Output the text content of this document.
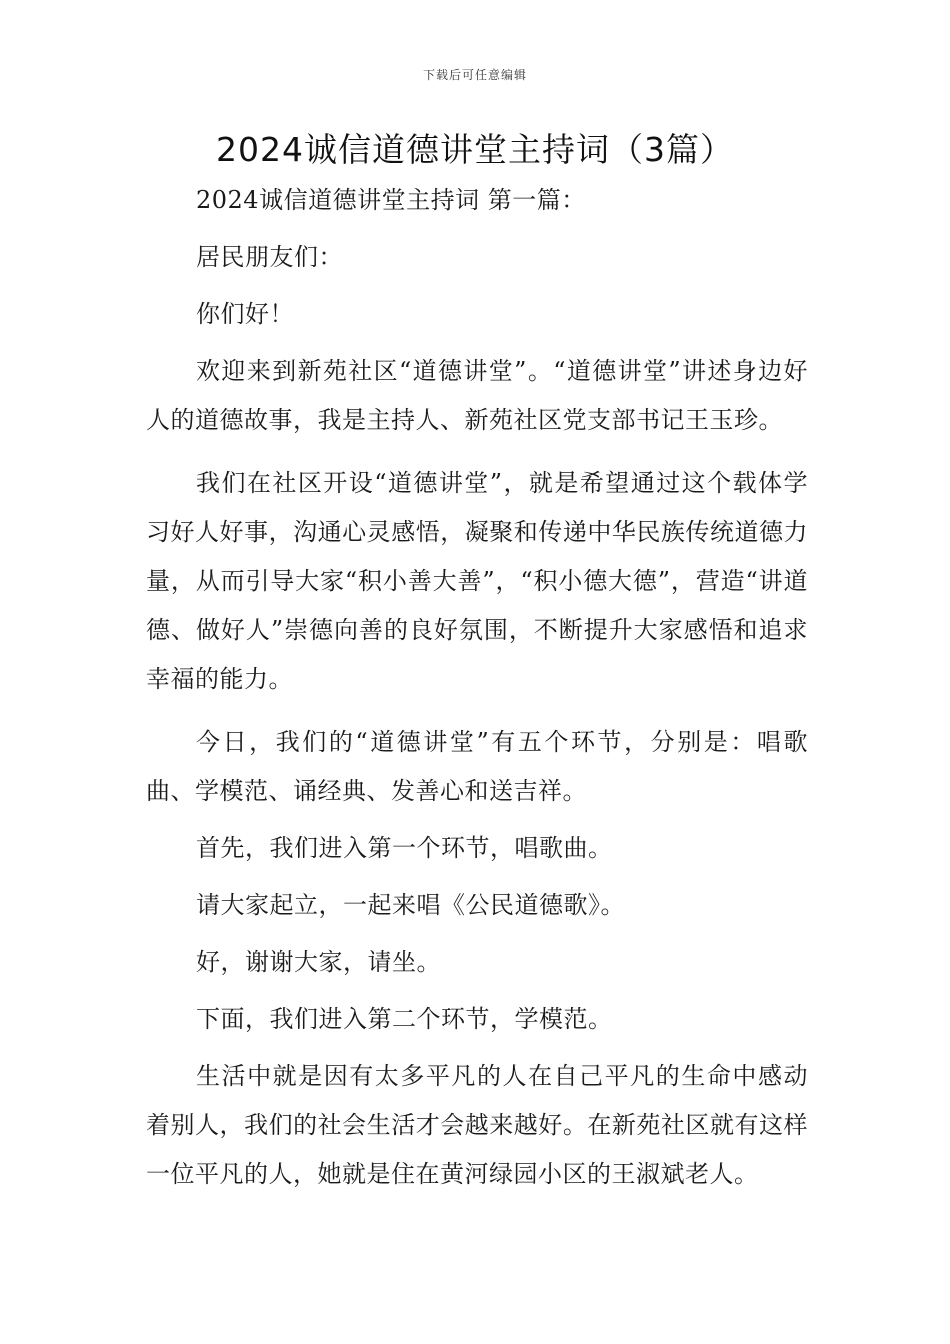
下载后可任意编辑
2024诚信道德讲堂主持词（3篇）

2024诚信道德讲堂主持词 第一篇：

居民朋友们：

你们好！

欢迎来到新苑社区“道德讲堂”。“道德讲堂”讲述身边好人的道德故事，我是主持人、新苑社区党支部书记王玉珍。

我们在社区开设“道德讲堂”，就是希望通过这个载体学习好人好事，沟通心灵感悟，凝聚和传递中华民族传统道德力量，从而引导大家“积小善大善”，“积小德大德”，营造“讲道德、做好人”崇德向善的良好氛围，不断提升大家感悟和追求幸福的能力。

今日，我们的“道德讲堂”有五个环节，分别是：唱歌曲、学模范、诵经典、发善心和送吉祥。

首先，我们进入第一个环节，唱歌曲。

请大家起立，一起来唱《公民道德歌》。

好，谢谢大家，请坐。

下面，我们进入第二个环节，学模范。

生活中就是因有太多平凡的人在自己平凡的生命中感动着别人，我们的社会生活才会越来越好。在新苑社区就有这样一位平凡的人，她就是住在黄河绿园小区的王淑斌老人。
